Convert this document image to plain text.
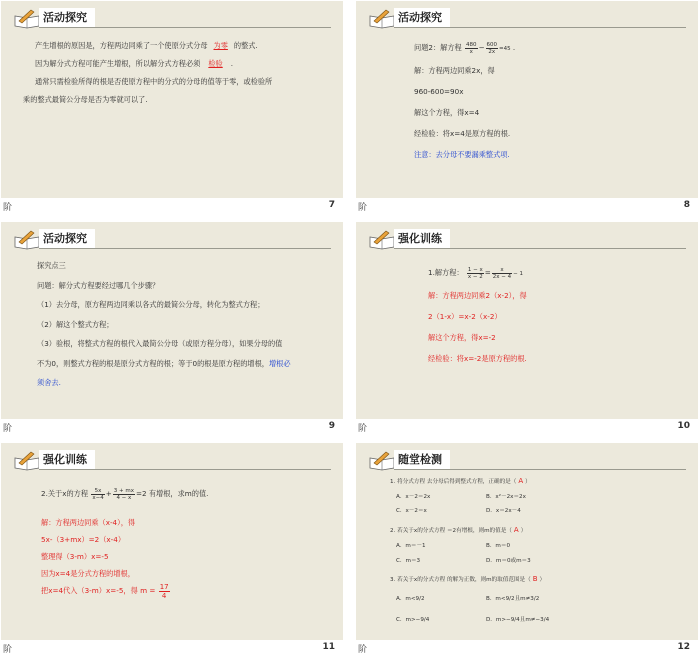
活动探究
产生增根的原因是，方程两边同乘了一个使原分式分母 为零 的整式.
因为解分式方程可能产生增根，所以解分式方程必须 检验 .
通常只需检验所得的根是否使原方程中的分式的分母的值等于零，或检验所
乘的整式最简公分母是否为零就可以了.
阶	7
活动探究
问题2：解方程 $\frac{480}{x} - \frac{600}{2x} =45$ .
解：方程两边同乘2x，得
960-600=90x
解这个方程，得x=4
经检验：将x=4是原方程的根.
注意：去分母不要漏乘整式项.
阶	8
活动探究
探究点三
问题：解分式方程要经过哪几个步骤？
（1）去分母，原方程两边同乘以各式的最简公分母，转化为整式方程；
（2）解这个整式方程；
（3）验根，将整式方程的根代入最简公分母（或原方程分母），如果分母的值
不为0，则整式方程的根是原分式方程的根；等于0的根是原方程的增根，增根必
须舍去.
阶	9
强化训练
1.解方程： $\frac{1 - x}{x - 2} = \frac{x}{2x - 4} - 1$
解：方程两边同乘2（x-2），得
2（1-x）=x-2（x-2）
解这个方程，得x=-2
经检验：将x=-2是原方程的根.
阶	10
强化训练
2.关于x的方程 $\frac{5x}{x-4} + \frac{3 + mx}{4 - x} =2$ 有增根，求m的值.
解：方程两边同乘（x-4），得
5x-（3+mx）=2（x-4）
整理得（3-m）x=-5
因为x=4是分式方程的增根，
把x=4代入（3-m）x=-5，得 $m = \frac{17}{4}$
阶	11
随堂检测
1. 将分式方程 去分母后得到整式方程，正确的是（ A ）
A．x－2＝2x	B．x²－2x＝2x
C．x－2＝x	D．x＝2x－4
2. 若关于x的分式方程 ＝2有增根，则m的值是（ A ）
A．m＝－1	B．m＝0
C．m＝3	D．m＝0或m＝3
3. 若关于x的分式方程 的解为正数，则m的取值范围是（ B ）
A．m<9/2	B．m<9/2且m≠3/2
C．m>−9/4	D．m>−9/4且m≠−3/4
阶	12
